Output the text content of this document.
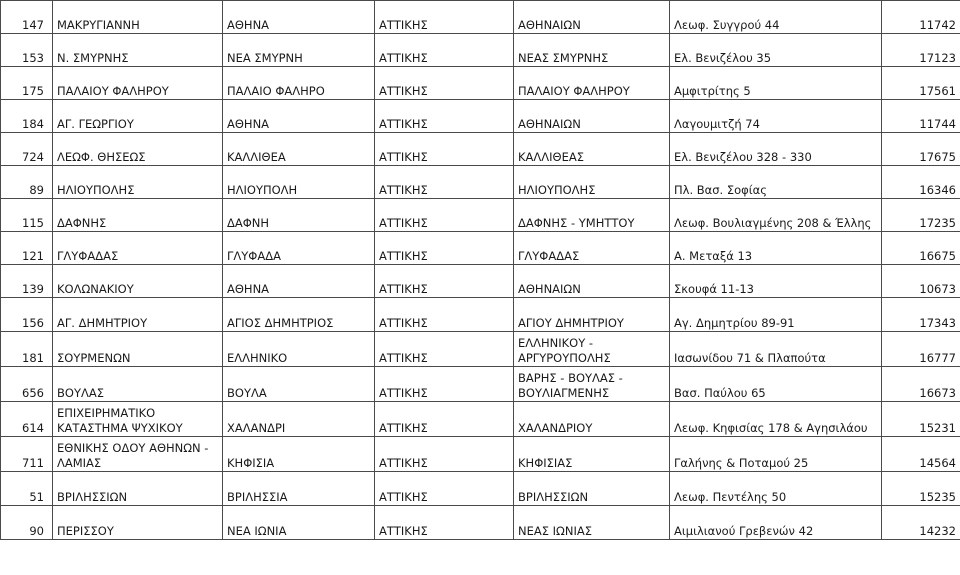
147	ΜΑΚΡΥΓΙΑΝΝΗ	ΑΘΗΝΑ	ΑΤΤΙΚΗΣ	ΑΘΗΝΑΙΩΝ	Λεωφ. Συγγρού 44	11742
153	Ν. ΣΜΥΡΝΗΣ	ΝΕΑ ΣΜΥΡΝΗ	ΑΤΤΙΚΗΣ	ΝΕΑΣ ΣΜΥΡΝΗΣ	Ελ. Βενιζέλου 35	17123
175	ΠΑΛΑΙΟΥ ΦΑΛΗΡΟΥ	ΠΑΛΑΙΟ ΦΑΛΗΡΟ	ΑΤΤΙΚΗΣ	ΠΑΛΑΙΟΥ ΦΑΛΗΡΟΥ	Αμφιτρίτης 5	17561
184	ΑΓ. ΓΕΩΡΓΙΟΥ	ΑΘΗΝΑ	ΑΤΤΙΚΗΣ	ΑΘΗΝΑΙΩΝ	Λαγουμιτζή 74	11744
724	ΛΕΩΦ. ΘΗΣΕΩΣ	ΚΑΛΛΙΘΕΑ	ΑΤΤΙΚΗΣ	ΚΑΛΛΙΘΕΑΣ	Ελ. Βενιζέλου 328 - 330	17675
89	ΗΛΙΟΥΠΟΛΗΣ	ΗΛΙΟΥΠΟΛΗ	ΑΤΤΙΚΗΣ	ΗΛΙΟΥΠΟΛΗΣ	Πλ. Βασ. Σοφίας	16346
115	ΔΑΦΝΗΣ	ΔΑΦΝΗ	ΑΤΤΙΚΗΣ	ΔΑΦΝΗΣ - ΥΜΗΤΤΟΥ	Λεωφ. Βουλιαγμένης 208 & Έλλης	17235
121	ΓΛΥΦΑΔΑΣ	ΓΛΥΦΑΔΑ	ΑΤΤΙΚΗΣ	ΓΛΥΦΑΔΑΣ	Α. Μεταξά 13	16675
139	ΚΟΛΩΝΑΚΙΟΥ	ΑΘΗΝΑ	ΑΤΤΙΚΗΣ	ΑΘΗΝΑΙΩΝ	Σκουφά 11-13	10673
156	ΑΓ. ΔΗΜΗΤΡΙΟΥ	ΑΓΙΟΣ ΔΗΜΗΤΡΙΟΣ	ΑΤΤΙΚΗΣ	ΑΓΙΟΥ ΔΗΜΗΤΡΙΟΥ	Αγ. Δημητρίου 89-91	17343
181	ΣΟΥΡΜΕΝΩΝ	ΕΛΛΗΝΙΚΟ	ΑΤΤΙΚΗΣ	ΕΛΛΗΝΙΚΟΥ - ΑΡΓΥΡΟΥΠΟΛΗΣ	Ιασωνίδου 71 & Πλαπούτα	16777
656	ΒΟΥΛΑΣ	ΒΟΥΛΑ	ΑΤΤΙΚΗΣ	ΒΑΡΗΣ - ΒΟΥΛΑΣ - ΒΟΥΛΙΑΓΜΕΝΗΣ	Βασ. Παύλου 65	16673
614	ΕΠΙΧΕΙΡΗΜΑΤΙΚΟ ΚΑΤΑΣΤΗΜΑ ΨΥΧΙΚΟΥ	ΧΑΛΑΝΔΡΙ	ΑΤΤΙΚΗΣ	ΧΑΛΑΝΔΡΙΟΥ	Λεωφ. Κηφισίας 178 & Αγησιλάου	15231
711	ΕΘΝΙΚΗΣ ΟΔΟΥ ΑΘΗΝΩΝ - ΛΑΜΙΑΣ	ΚΗΦΙΣΙΑ	ΑΤΤΙΚΗΣ	ΚΗΦΙΣΙΑΣ	Γαλήνης & Ποταμού 25	14564
51	ΒΡΙΛΗΣΣΙΩΝ	ΒΡΙΛΗΣΣΙΑ	ΑΤΤΙΚΗΣ	ΒΡΙΛΗΣΣΙΩΝ	Λεωφ. Πεντέλης 50	15235
90	ΠΕΡΙΣΣΟΥ	ΝΕΑ ΙΩΝΙΑ	ΑΤΤΙΚΗΣ	ΝΕΑΣ ΙΩΝΙΑΣ	Αιμιλιανού Γρεβενών 42	14232
